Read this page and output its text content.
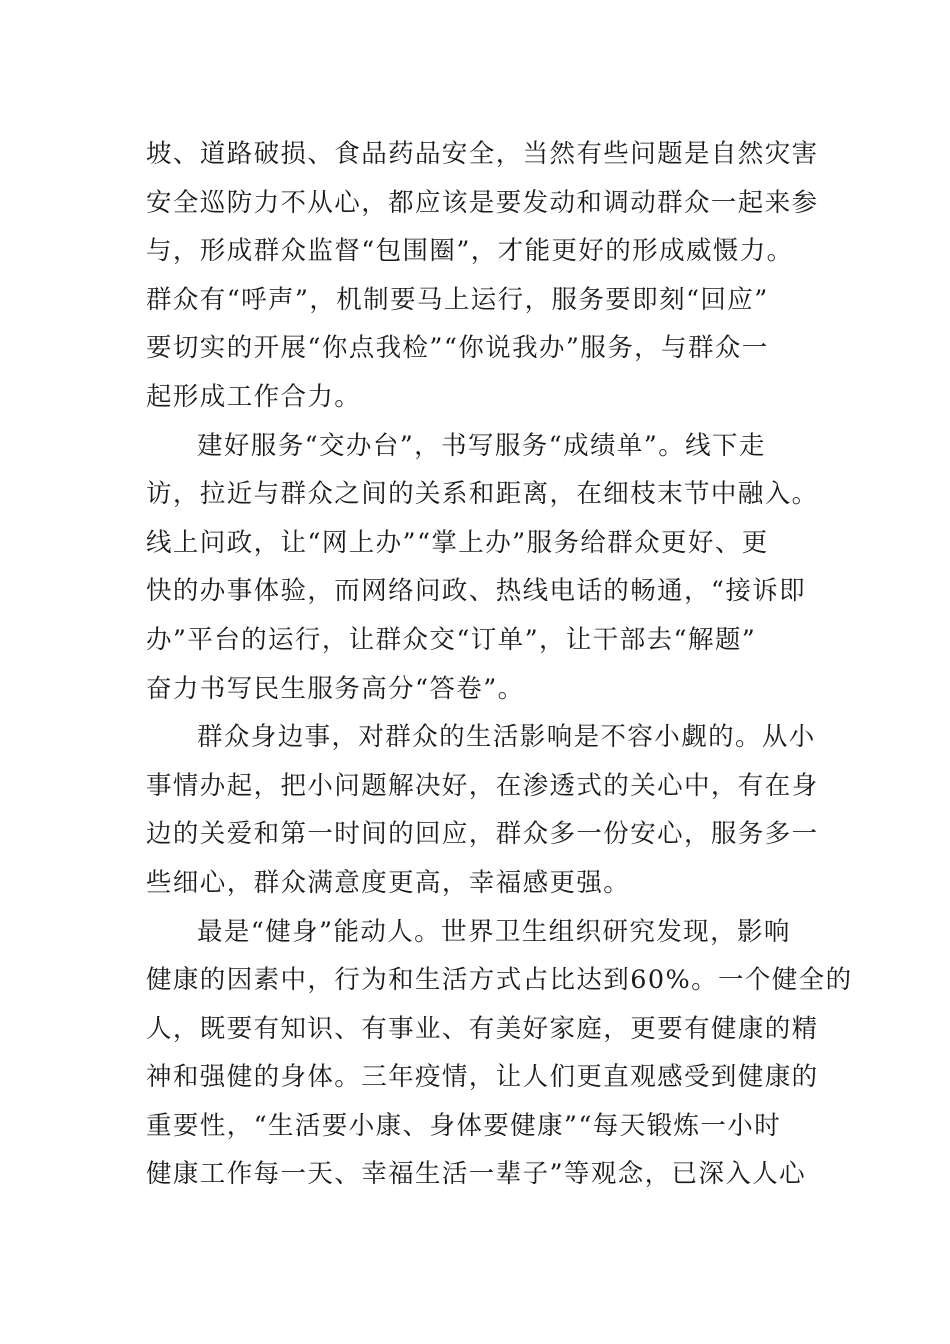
坡、道路破损、食品药品安全，当然有些问题是自然灾害
安全巡防力不从心，都应该是要发动和调动群众一起来参
与，形成群众监督“包围圈”，才能更好的形成威慑力。
群众有“呼声”，机制要马上运行，服务要即刻“回应”
要切实的开展“你点我检”“你说我办”服务，与群众一
起形成工作合力。
建好服务“交办台”，书写服务“成绩单”。线下走
访，拉近与群众之间的关系和距离，在细枝末节中融入。
线上问政，让“网上办”“掌上办”服务给群众更好、更
快的办事体验，而网络问政、热线电话的畅通，“接诉即
办”平台的运行，让群众交“订单”，让干部去“解题”
奋力书写民生服务高分“答卷”。
群众身边事，对群众的生活影响是不容小觑的。从小
事情办起，把小问题解决好，在渗透式的关心中，有在身
边的关爱和第一时间的回应，群众多一份安心，服务多一
些细心，群众满意度更高，幸福感更强。
最是“健身”能动人。世界卫生组织研究发现，影响
健康的因素中，行为和生活方式占比达到60%。一个健全的
人，既要有知识、有事业、有美好家庭，更要有健康的精
神和强健的身体。三年疫情，让人们更直观感受到健康的
重要性，“生活要小康、身体要健康”“每天锻炼一小时
健康工作每一天、幸福生活一辈子”等观念，已深入人心
